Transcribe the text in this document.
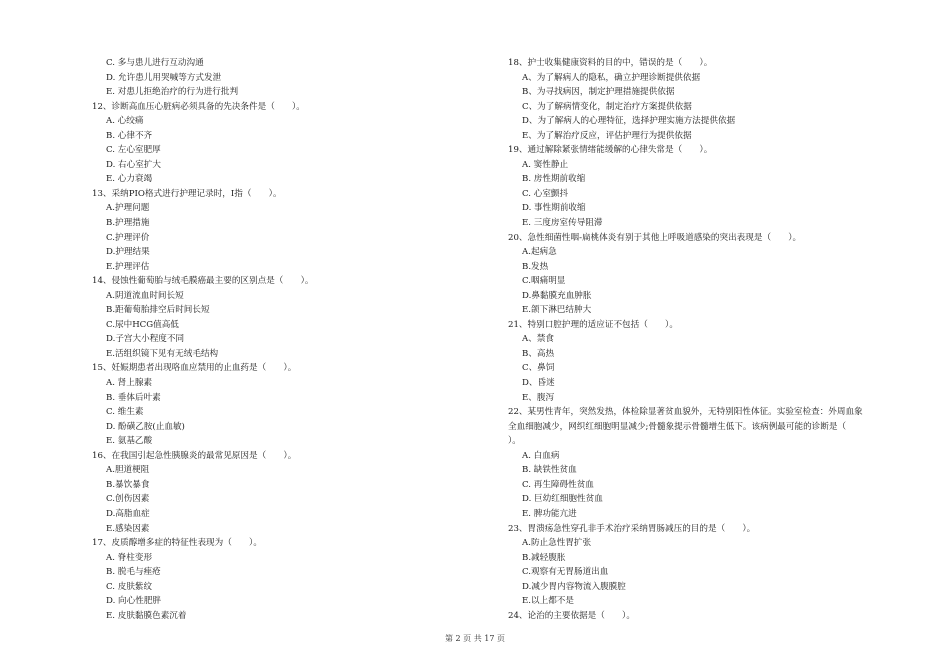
C. 多与患儿进行互动沟通
D. 允许患儿用哭喊等方式发泄
E. 对患儿拒绝治疗的行为进行批判
12、诊断高血压心脏病必须具备的先决条件是（　　）。
A. 心绞痛
B. 心律不齐
C. 左心室肥厚
D. 右心室扩大
E. 心力衰竭
13、采纳PIO格式进行护理记录时，I指（　　）。
A.护理问题
B.护理措施
C.护理评价
D.护理结果
E.护理评估
14、侵蚀性葡萄胎与绒毛膜癌最主要的区别点是（　　）。
A.阴道流血时间长短
B.距葡萄胎排空后时间长短
C.尿中HCG值高低
D.子宫大小程度不同
E.活组织镜下见有无绒毛结构
15、妊娠期患者出现咯血应禁用的止血药是（　　）。
A. 肾上腺素
B. 垂体后叶素
C. 维生素
D. 酚磺乙胺(止血敏)
E. 氨基乙酸
16、在我国引起急性胰腺炎的最常见原因是（　　）。
A.胆道梗阻
B.暴饮暴食
C.创伤因素
D.高脂血症
E.感染因素
17、皮质醇增多症的特征性表现为（　　）。
A. 脊柱变形
B. 脱毛与痤疮
C. 皮肤紫纹
D. 向心性肥胖
E. 皮肤黏膜色素沉着
18、护士收集健康资料的目的中，错误的是（　　）。
A、为了解病人的隐私，确立护理诊断提供依据
B、为寻找病因，制定护理措施提供依据
C、为了解病情变化，制定治疗方案提供依据
D、为了解病人的心理特征，选择护理实施方法提供依据
E、为了解治疗反应，评估护理行为提供依据
19、通过解除紧张情绪能缓解的心律失常是（　　）。
A. 窦性静止
B. 房性期前收缩
C. 心室颤抖
D. 事性期前收缩
E. 三度房室传导阻滞
20、急性细菌性咽-扁桃体炎有别于其他上呼吸道感染的突出表现是（　　）。
A.起病急
B.发热
C.咽痛明显
D.鼻黏膜充血肿胀
E.颌下淋巴结肿大
21、特别口腔护理的适应证不包括（　　）。
A、禁食
B、高热
C、鼻饲
D、昏迷
E、腹泻
22、某男性青年，突然发热，体检除显著贫血貌外，无特别阳性体征。实验室检查：外周血象
全血细胞减少，网织红细胞明显减少;骨髓象提示骨髓增生低下。该病例最可能的诊断是（
）。
A. 白血病
B. 缺铁性贫血
C. 再生障碍性贫血
D. 巨幼红细胞性贫血
E. 脾功能亢进
23、胃溃疡急性穿孔非手术治疗采纳胃肠减压的目的是（　　）。
A.防止急性胃扩张
B.减轻腹胀
C.观察有无胃肠道出血
D.减少胃内容物流入腹膜腔
E.以上都不是
24、论治的主要依据是（　　）。
第 2 页 共 17 页
